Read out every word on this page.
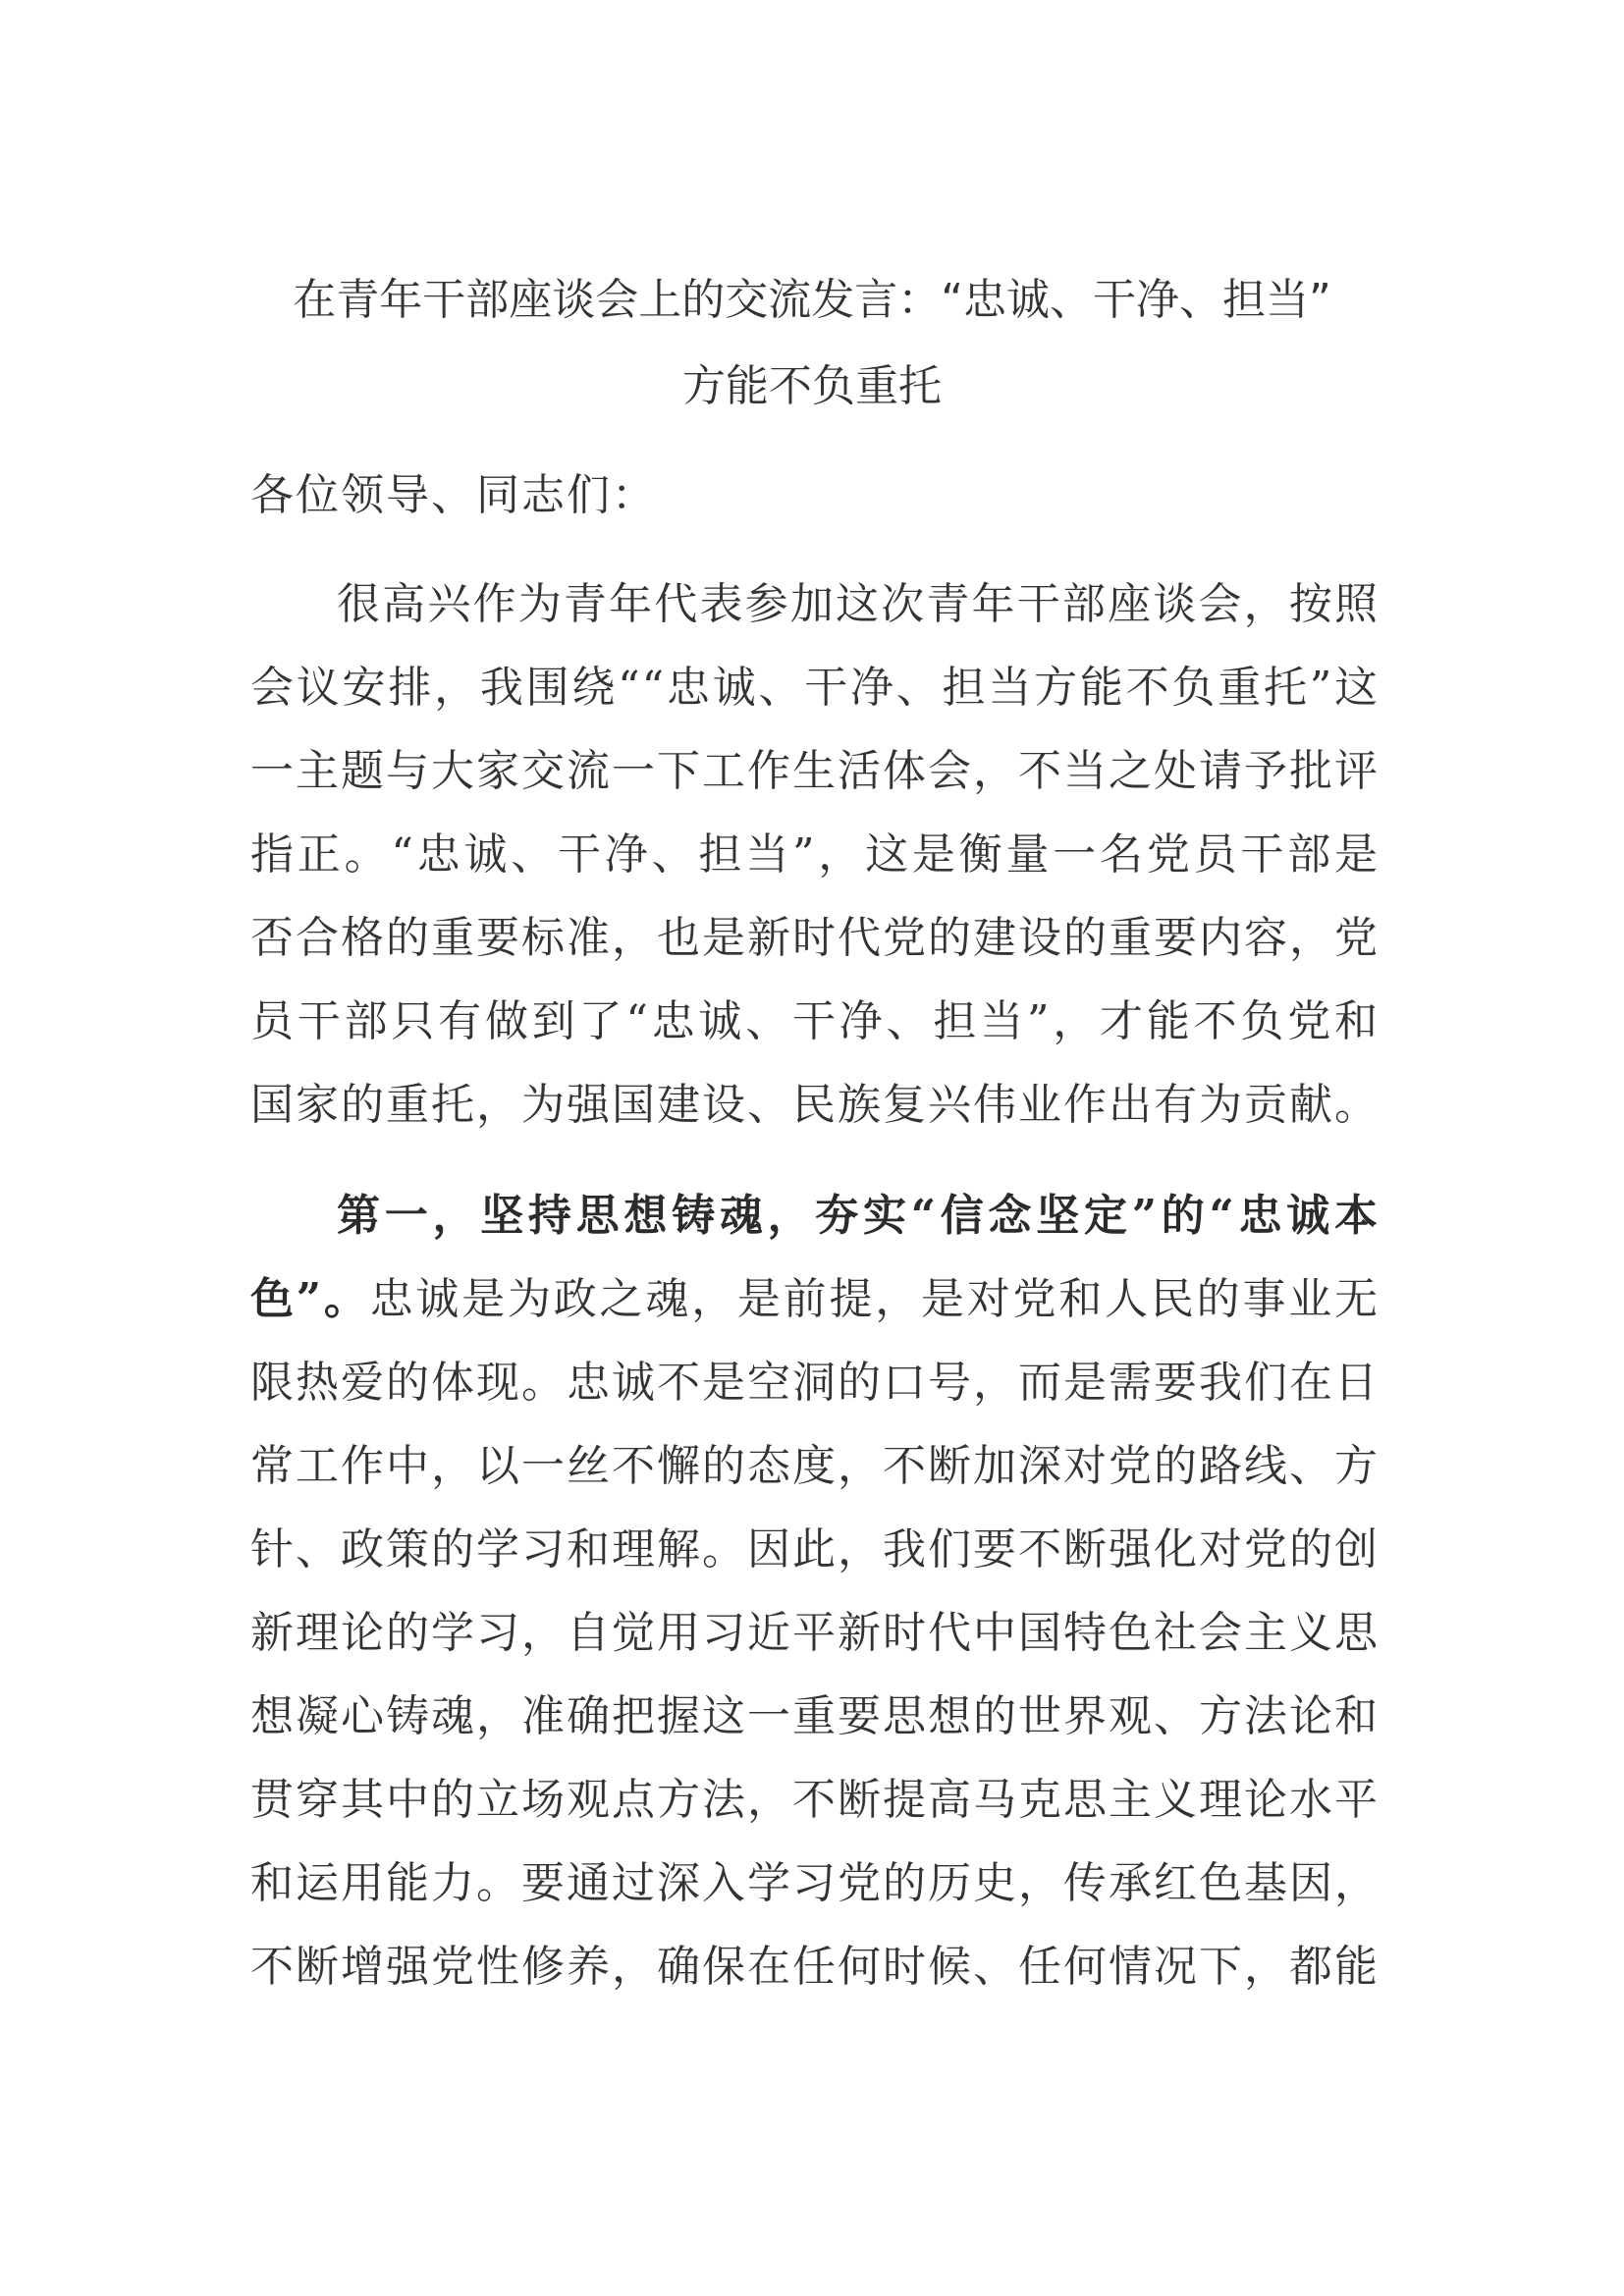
在青年干部座谈会上的交流发言：“忠诚、干净、担当”
方能不负重托
各位领导、同志们：
很高兴作为青年代表参加这次青年干部座谈会，按照会议安排，我围绕““忠诚、干净、担当方能不负重托”这一主题与大家交流一下工作生活体会，不当之处请予批评指正。“忠诚、干净、担当”，这是衡量一名党员干部是否合格的重要标准，也是新时代党的建设的重要内容，党员干部只有做到了“忠诚、干净、担当”，才能不负党和国家的重托，为强国建设、民族复兴伟业作出有为贡献。
第一，坚持思想铸魂，夯实“信念坚定”的“忠诚本色”。忠诚是为政之魂，是前提，是对党和人民的事业无限热爱的体现。忠诚不是空洞的口号，而是需要我们在日常工作中，以一丝不懈的态度，不断加深对党的路线、方针、政策的学习和理解。因此，我们要不断强化对党的创新理论的学习，自觉用习近平新时代中国特色社会主义思想凝心铸魂，准确把握这一重要思想的世界观、方法论和贯穿其中的立场观点方法，不断提高马克思主义理论水平和运用能力。要通过深入学习党的历史，传承红色基因，不断增强党性修养，确保在任何时候、任何情况下，都能
